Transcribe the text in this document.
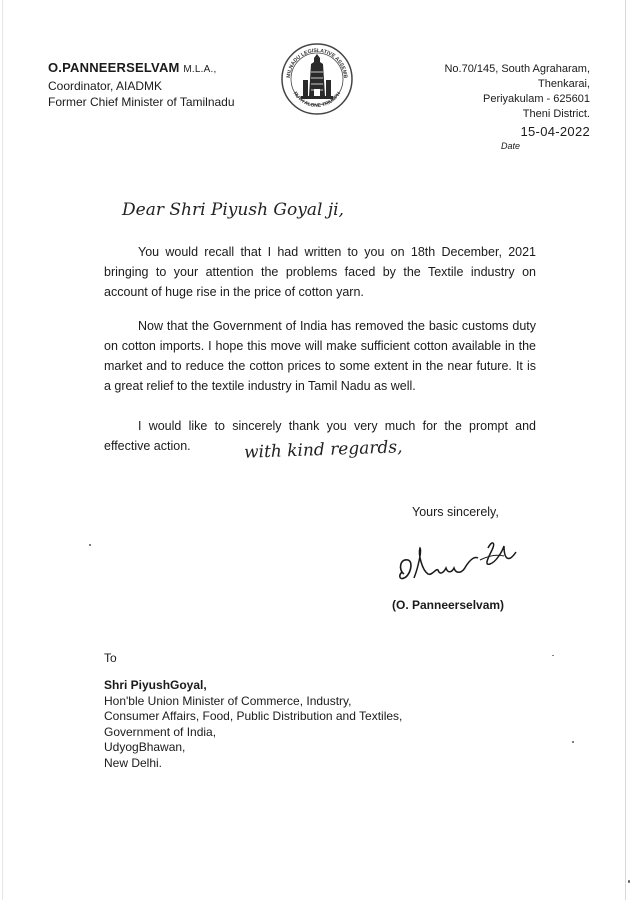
O.PANNEERSELVAM M.L.A.,
Coordinator, AIADMK
Former Chief Minister of Tamilnadu
MILNADU LEGISLATIVE ASSEMB
RUTH ALONE TRIUMPH
No.70/145, South Agraharam,
Thenkarai,
Periyakulam - 625601
Theni District.
15-04-2022
Date
Dear Shri Piyush Goyal ji,

You would recall that I had written to you on 18th December, 2021 bringing to your attention the problems faced by the Textile industry on account of huge rise in the price of cotton yarn.

Now that the Government of India has removed the basic customs duty on cotton imports. I hope this move will make sufficient cotton available in the market and to reduce the cotton prices to some extent in the near future. It is a great relief to the textile industry in Tamil Nadu as well.

I would like to sincerely thank you very much for the prompt and effective action.	with kind regards,
Yours sincerely,
(O. Panneerselvam)
To
Shri PiyushGoyal,
Hon'ble Union Minister of Commerce, Industry,
Consumer Affairs, Food, Public Distribution and Textiles,
Government of India,
UdyogBhawan,
New Delhi.
